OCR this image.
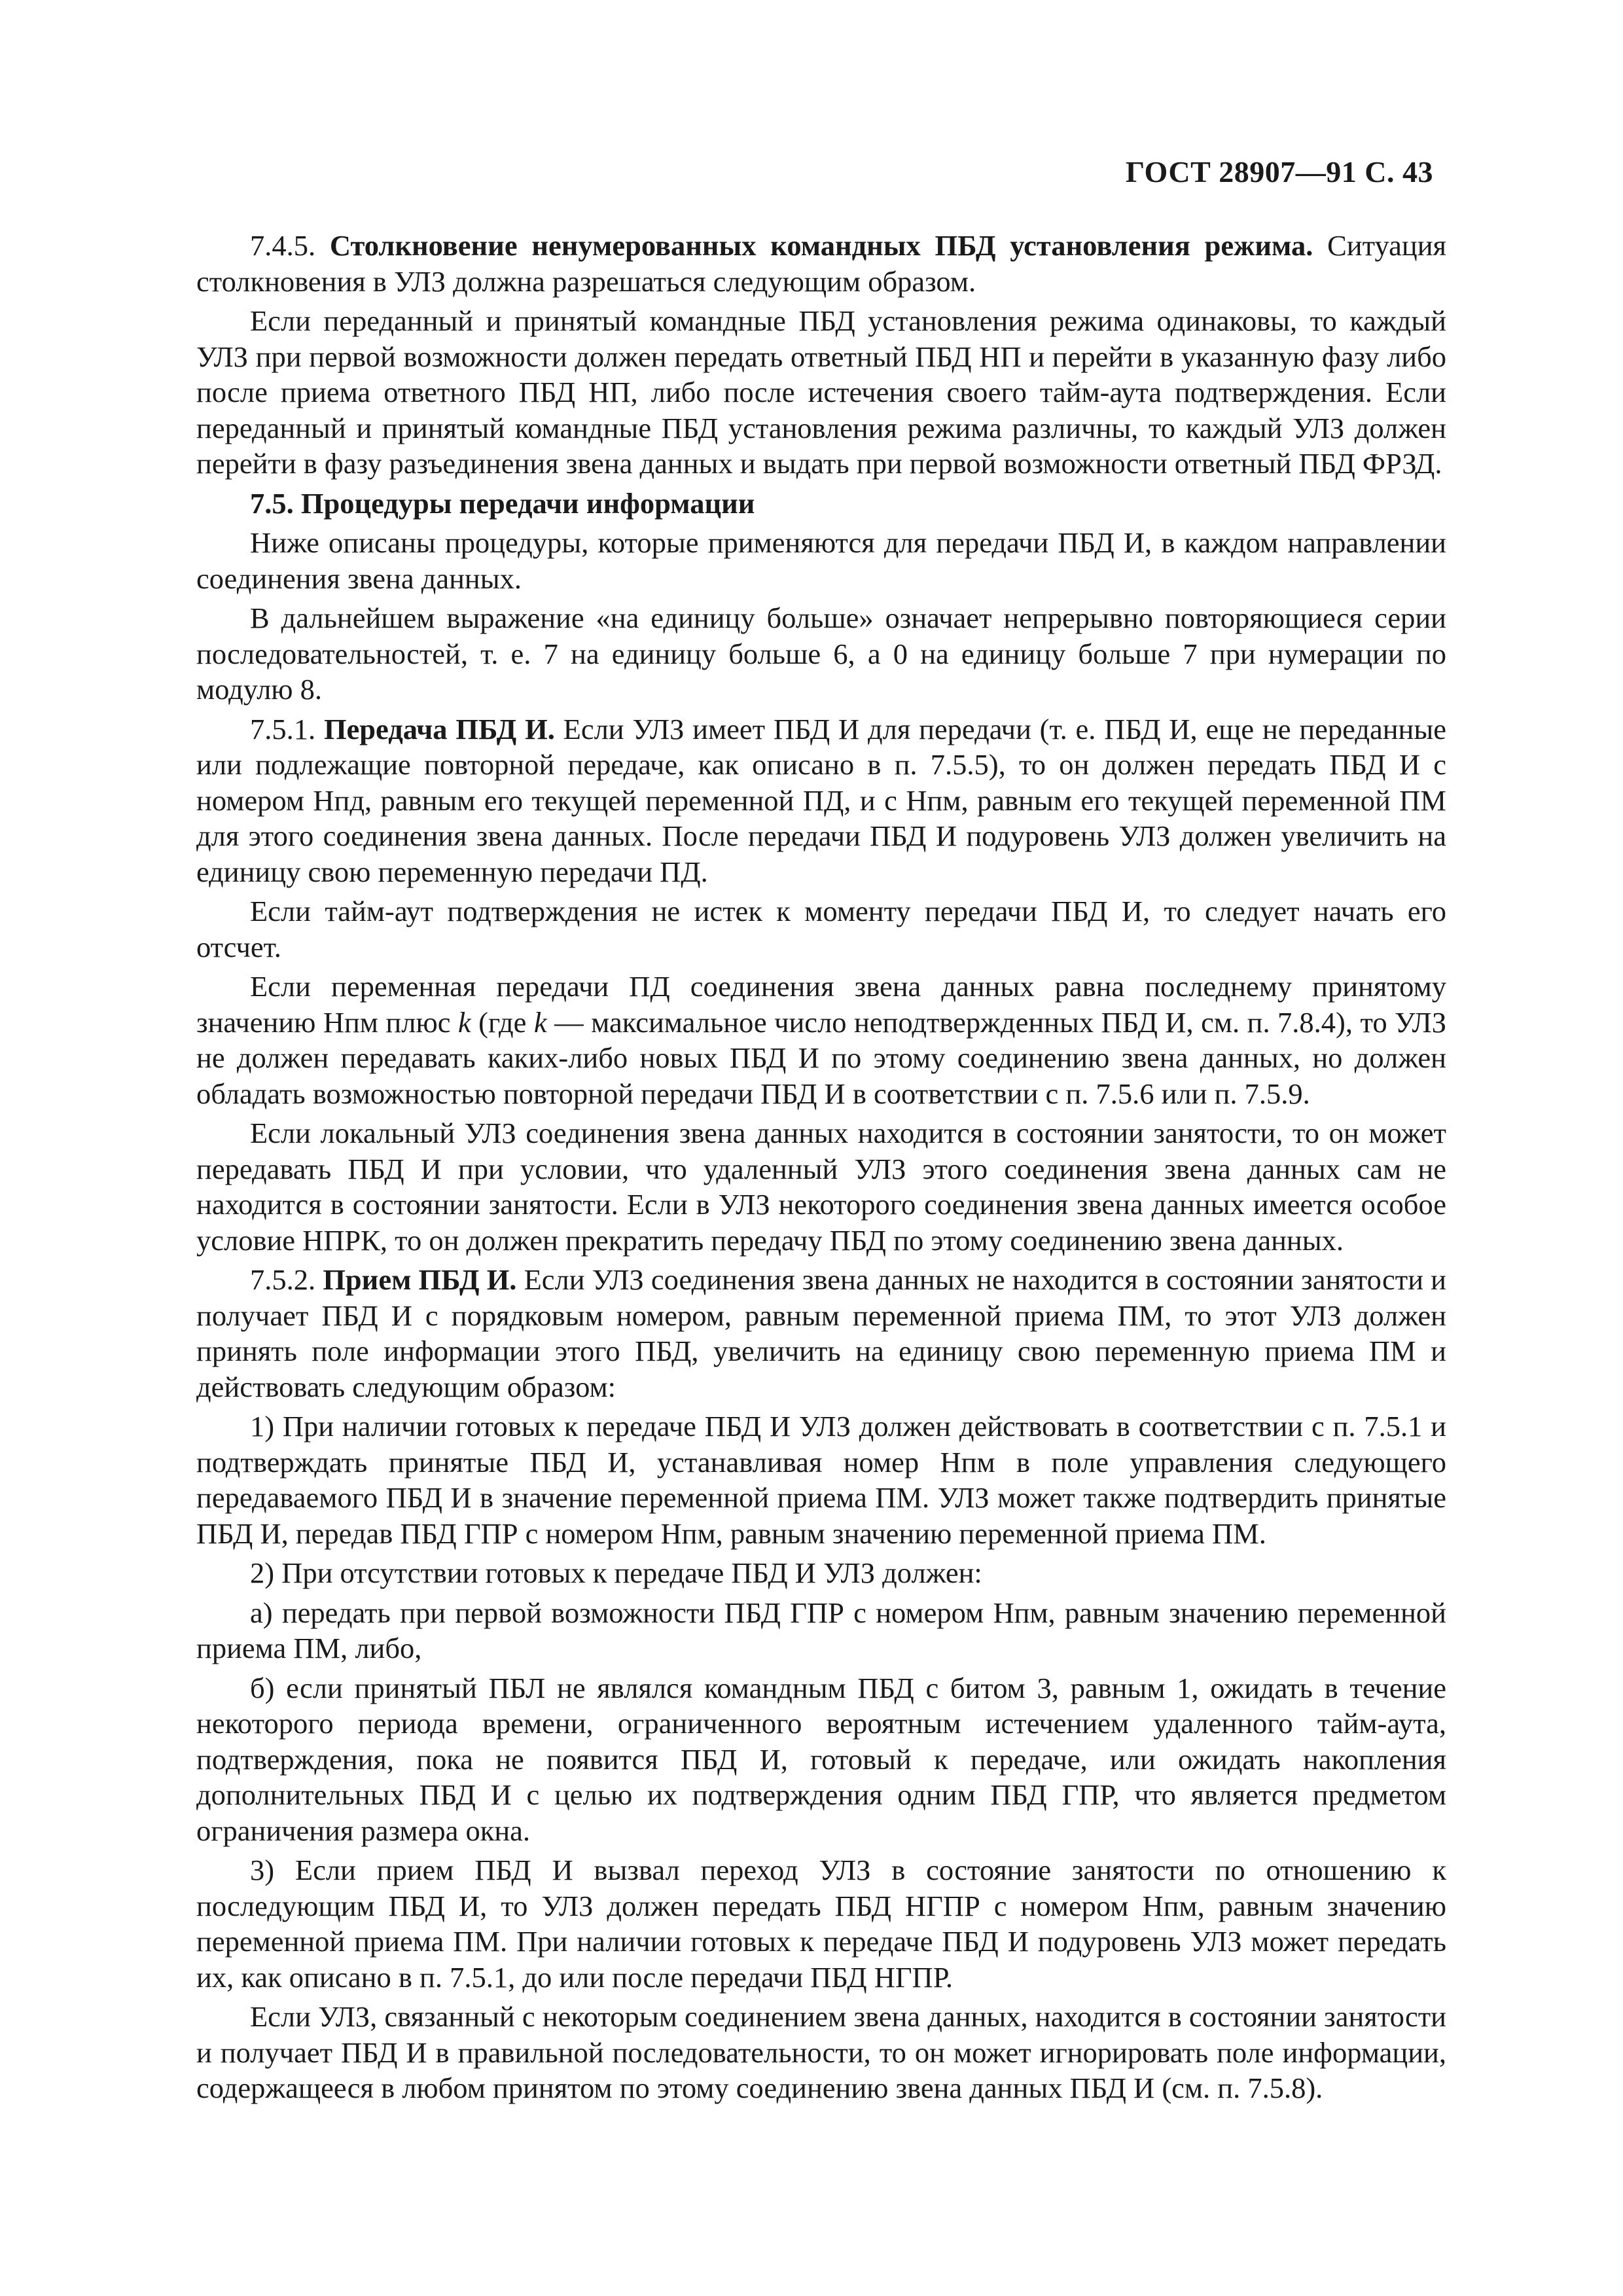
ГОСТ 28907—91 С. 43

7.4.5. Столкновение ненумерованных командных ПБД установления режима. Ситуация столкновения в УЛЗ должна разрешаться следующим образом.

Если переданный и принятый командные ПБД установления режима одинаковы, то каждый УЛЗ при первой возможности должен передать ответный ПБД НП и перейти в указанную фазу либо после приема ответного ПБД НП, либо после истечения своего тайм-аута подтверждения. Если переданный и принятый командные ПБД установления режима различны, то каждый УЛЗ должен перейти в фазу разъединения звена данных и выдать при первой возможности ответный ПБД ФРЗД.

7.5. Процедуры передачи информации

Ниже описаны процедуры, которые применяются для передачи ПБД И, в каждом направлении соединения звена данных.

В дальнейшем выражение «на единицу больше» означает непрерывно повторяющиеся серии последовательностей, т. е. 7 на единицу больше 6, а 0 на единицу больше 7 при нумерации по модулю 8.

7.5.1. Передача ПБД И. Если УЛЗ имеет ПБД И для передачи (т. е. ПБД И, еще не переданные или подлежащие повторной передаче, как описано в п. 7.5.5), то он должен передать ПБД И с номером Нпд, равным его текущей переменной ПД, и с Нпм, равным его текущей переменной ПМ для этого соединения звена данных. После передачи ПБД И подуровень УЛЗ должен увеличить на единицу свою переменную передачи ПД.

Если тайм-аут подтверждения не истек к моменту передачи ПБД И, то следует начать его отсчет.

Если переменная передачи ПД соединения звена данных равна последнему принятому значению Нпм плюс k (где k — максимальное число неподтвержденных ПБД И, см. п. 7.8.4), то УЛЗ не должен передавать каких-либо новых ПБД И по этому соединению звена данных, но должен обладать возможностью повторной передачи ПБД И в соответствии с п. 7.5.6 или п. 7.5.9.

Если локальный УЛЗ соединения звена данных находится в состоянии занятости, то он может передавать ПБД И при условии, что удаленный УЛЗ этого соединения звена данных сам не находится в состоянии занятости. Если в УЛЗ некоторого соединения звена данных имеется особое условие НПРК, то он должен прекратить передачу ПБД по этому соединению звена данных.

7.5.2. Прием ПБД И. Если УЛЗ соединения звена данных не находится в состоянии занятости и получает ПБД И с порядковым номером, равным переменной приема ПМ, то этот УЛЗ должен принять поле информации этого ПБД, увеличить на единицу свою переменную приема ПМ и действовать следующим образом:

1) При наличии готовых к передаче ПБД И УЛЗ должен действовать в соответствии с п. 7.5.1 и подтверждать принятые ПБД И, устанавливая номер Нпм в поле управления следующего передаваемого ПБД И в значение переменной приема ПМ. УЛЗ может также подтвердить принятые ПБД И, передав ПБД ГПР с номером Нпм, равным значению переменной приема ПМ.

2) При отсутствии готовых к передаче ПБД И УЛЗ должен:

а) передать при первой возможности ПБД ГПР с номером Нпм, равным значению переменной приема ПМ, либо,

б) если принятый ПБЛ не являлся командным ПБД с битом 3, равным 1, ожидать в течение некоторого периода времени, ограниченного вероятным истечением удаленного тайм-аута, подтверждения, пока не появится ПБД И, готовый к передаче, или ожидать накопления дополнительных ПБД И с целью их подтверждения одним ПБД ГПР, что является предметом ограничения размера окна.

3) Если прием ПБД И вызвал переход УЛЗ в состояние занятости по отношению к последующим ПБД И, то УЛЗ должен передать ПБД НГПР с номером Нпм, равным значению переменной приема ПМ. При наличии готовых к передаче ПБД И подуровень УЛЗ может передать их, как описано в п. 7.5.1, до или после передачи ПБД НГПР.

Если УЛЗ, связанный с некоторым соединением звена данных, находится в состоянии занятости и получает ПБД И в правильной последовательности, то он может игнорировать поле информации, содержащееся в любом принятом по этому соединению звена данных ПБД И (см. п. 7.5.8).
